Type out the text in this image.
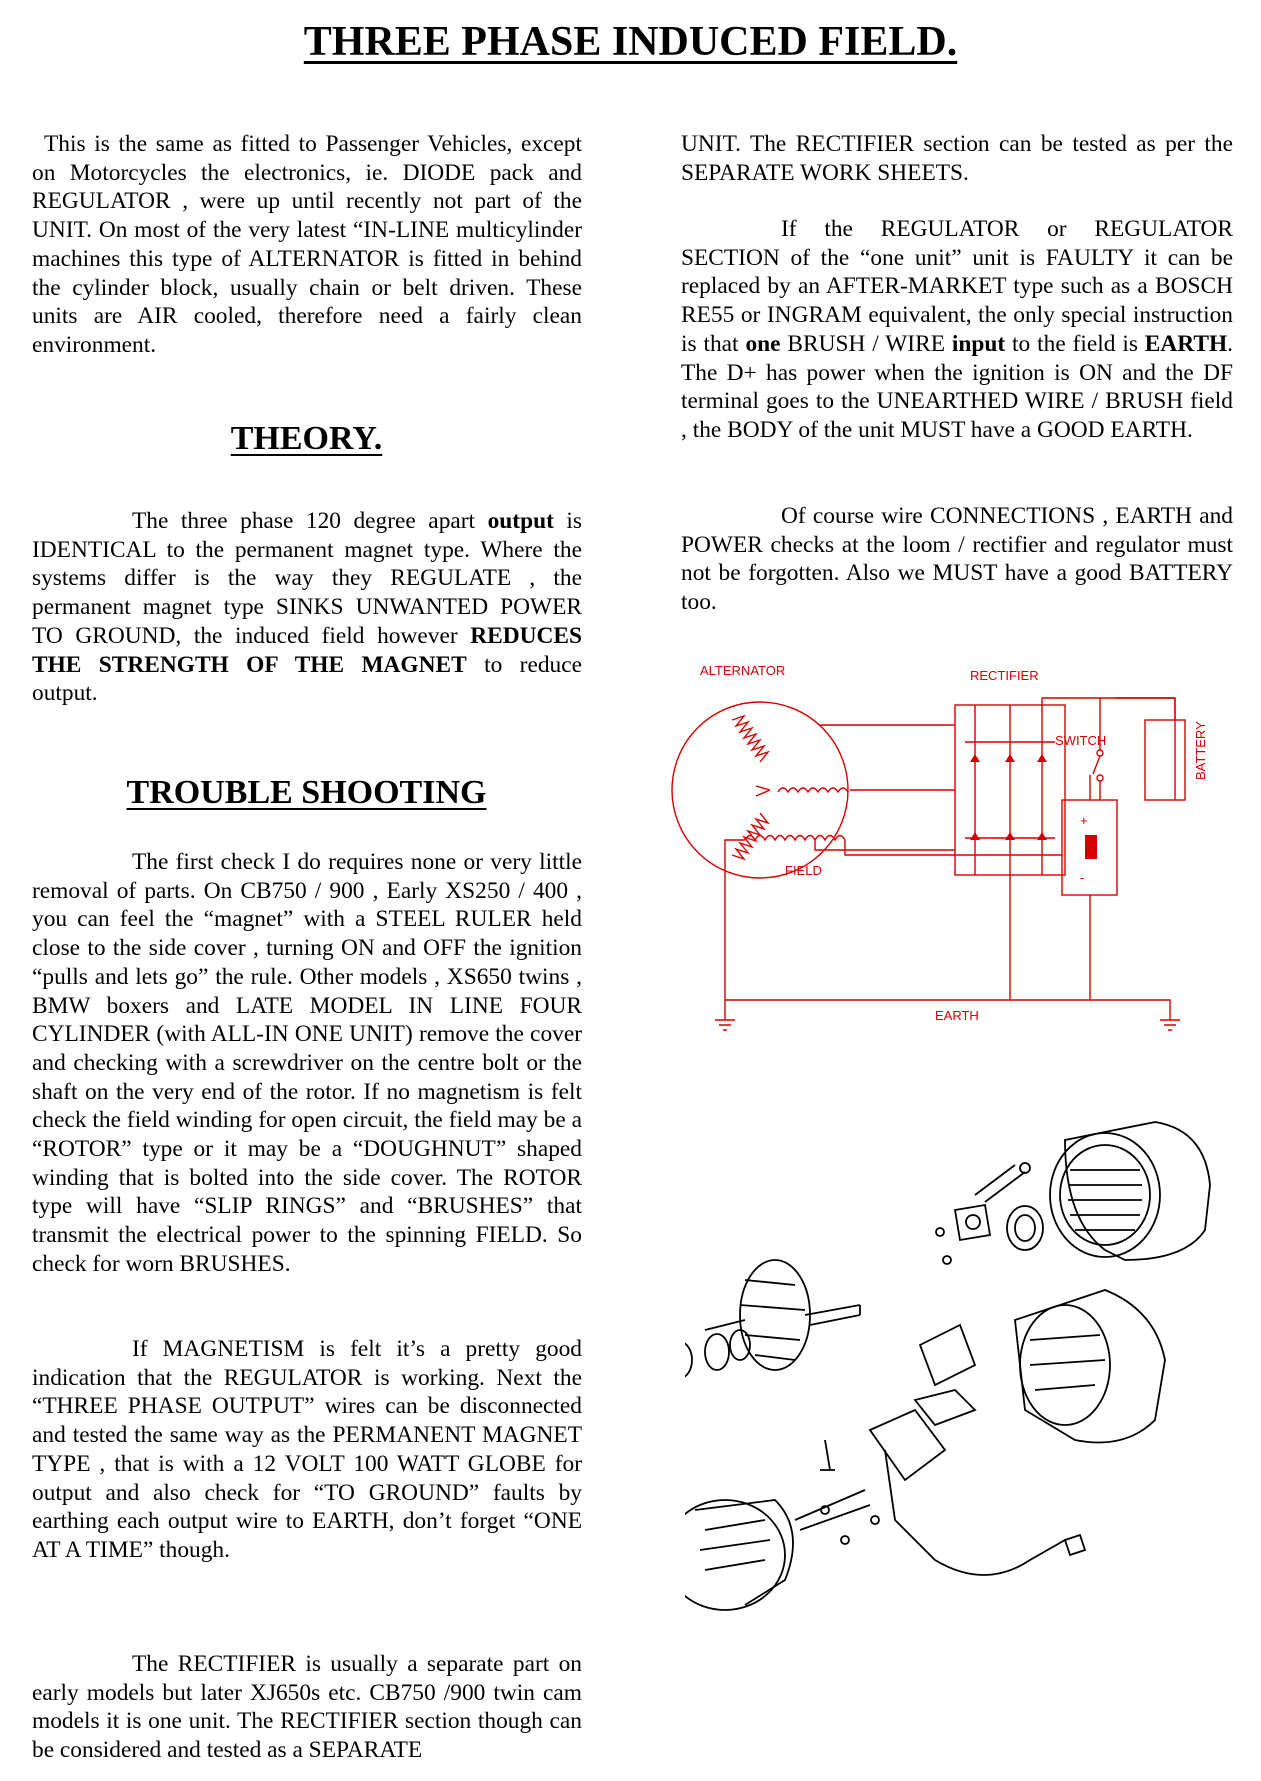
THREE PHASE INDUCED FIELD.

This is the same as fitted to Passenger Vehicles, except on Motorcycles the electronics, ie. DIODE pack and REGULATOR , were up until recently not part of the UNIT. On most of the very latest “IN-LINE multicylinder machines this type of ALTERNATOR is fitted in behind the cylinder block, usually chain or belt driven. These units are AIR cooled, therefore need a fairly clean environment.

THEORY.

The three phase 120 degree apart output is IDENTICAL to the permanent magnet type. Where the systems differ is the way they REGULATE , the permanent magnet type SINKS UNWANTED POWER TO GROUND, the induced field however REDUCES THE STRENGTH OF THE MAGNET to reduce output.

TROUBLE SHOOTING

The first check I do requires none or very little removal of parts. On CB750 / 900 , Early XS250 / 400 , you can feel the “magnet” with a STEEL RULER held close to the side cover , turning ON and OFF the ignition “pulls and lets go” the rule. Other models , XS650 twins , BMW boxers and LATE MODEL IN LINE FOUR CYLINDER (with ALL-IN ONE UNIT) remove the cover and checking with a screwdriver on the centre bolt or the shaft on the very end of the rotor. If no magnetism is felt check the field winding for open circuit, the field may be a “ROTOR” type or it may be a “DOUGHNUT” shaped winding that is bolted into the side cover. The ROTOR type will have “SLIP RINGS” and “BRUSHES” that transmit the electrical power to the spinning FIELD. So check for worn BRUSHES.

If MAGNETISM is felt it’s a pretty good indication that the REGULATOR is working. Next the “THREE PHASE OUTPUT” wires can be disconnected and tested the same way as the PERMANENT MAGNET TYPE , that is with a 12 VOLT 100 WATT GLOBE for output and also check for “TO GROUND” faults by earthing each output wire to EARTH, don’t forget “ONE AT A TIME” though.

The RECTIFIER is usually a separate part on early models but later XJ650s etc. CB750 /900 twin cam models it is one unit. The RECTIFIER section though can be considered and tested as a SEPARATE

UNIT. The RECTIFIER section can be tested as per the SEPARATE WORK SHEETS.

If the REGULATOR or REGULATOR SECTION of the “one unit” unit is FAULTY it can be replaced by an AFTER-MARKET type such as a BOSCH RE55 or INGRAM equivalent, the only special instruction is that one BRUSH / WIRE input to the field is EARTH. The D+ has power when the ignition is ON and the DF terminal goes to the UNEARTHED WIRE / BRUSH field , the BODY of the unit MUST have a GOOD EARTH.

Of course wire CONNECTIONS , EARTH and POWER checks at the loom / rectifier and regulator must not be forgotten. Also we MUST have a good BATTERY too.

ALTERNATOR	RECTIFIER
SWITCH
FIELD
EARTH
BATTERY
+
-
